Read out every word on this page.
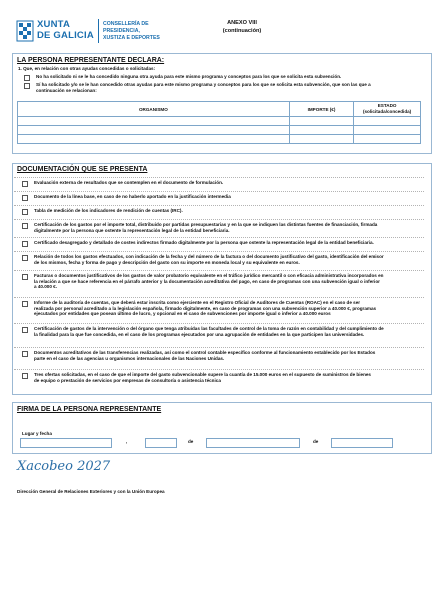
XUNTA
DE GALICIA
CONSELLERÍA DE
PRESIDENCIA,
XUSTIZA E DEPORTES
ANEXO VIII
(continuación)
LA PERSONA REPRESENTANTE DECLARA:
1. Que, en relación con otras ayudas concedidas o solicitadas:
No ha solicitado ni se le ha concedido ninguna otra ayuda para este mismo programa y conceptos para los que se solicita esta subvención.
Sí ha solicitado y/o se le han concedido otras ayudas para este mismo programa y conceptos para los que se solicita esta subvención, que son las que a
continuación se relacionan:
ORGANISMO	IMPORTE (€)	ESTADO
(solicitada/concedida)

DOCUMENTACIÓN QUE SE PRESENTA
Evaluación externa de resultados que se contemplen en el documento de formulación.
Documento de la línea base, en caso de no haberlo aportado en la justificación intermedia
Tabla de medición de los indicadores de rendición de cuentas (IRC).
Certificación de los gastos por el importe total, distribuido por partidas presupuestarias y en la que se indiquen las distintas fuentes de financiación, firmada
digitalmente por la persona que ostente la representación legal de la entidad beneficiaria.
Certificado desagregado y detallado de costes indirectos firmado digitalmente por la persona que ostente la representación legal de la entidad beneficiaria.
Relación de todos los gastos efectuados, con indicación de la fecha y del número de la factura o del documento justificativo del gasto, identificación del emisor
de los mismos, fecha y forma de pago y descripción del gasto con su importe en moneda local y su equivalente en euros.
Facturas o documentos justificativos de los gastos de valor probatorio equivalente en el tráfico jurídico mercantil o con eficacia administrativa incorporados en
la relación a que se hace referencia en el párrafo anterior y la documentación acreditativa del pago, en caso de programas con una subvención igual o inferior
a 40.000 €.
Informe de la auditoría de cuentas, que deberá estar inscrita como ejerciente en el Registro Oficial de Auditores de Cuentas (ROAC) en el caso de ser
realizada por personal acreditado a la legislación española, firmado digitalmente, en caso de programas con una subvención superior a 40.000 €, programas
ejecutados por entidades que posean último de lucro, y opcional en el caso de subvenciones por importe igual o inferior a 40.000 euros
Certificación de gastos de la intervención o del órgano que tenga atribuidas las facultades de control de la toma de razón en contabilidad y del cumplimiento de
la finalidad para la que fue concedida, en el caso de los programas ejecutados por una agrupación de entidades en la que participen las universidades.
Documentos acreditativos de las transferencias realizadas, así como el control contable específico conforme al funcionamiento establecido por los Estados
parte en el caso de las agencias u organismos internacionales de las Naciones Unidas.
Tres ofertas solicitadas, en el caso de que el importe del gasto subvencionable supere la cuantía de 15.000 euros en el supuesto de suministros de bienes
de equipo o prestación de servicios por empresas de consultoría o asistencia técnica
FIRMA DE LA PERSONA REPRESENTANTE
Lugar y fecha
,	de	de
Xacobeo 2027
Dirección General de Relaciones Exteriores y con la Unión Europea
